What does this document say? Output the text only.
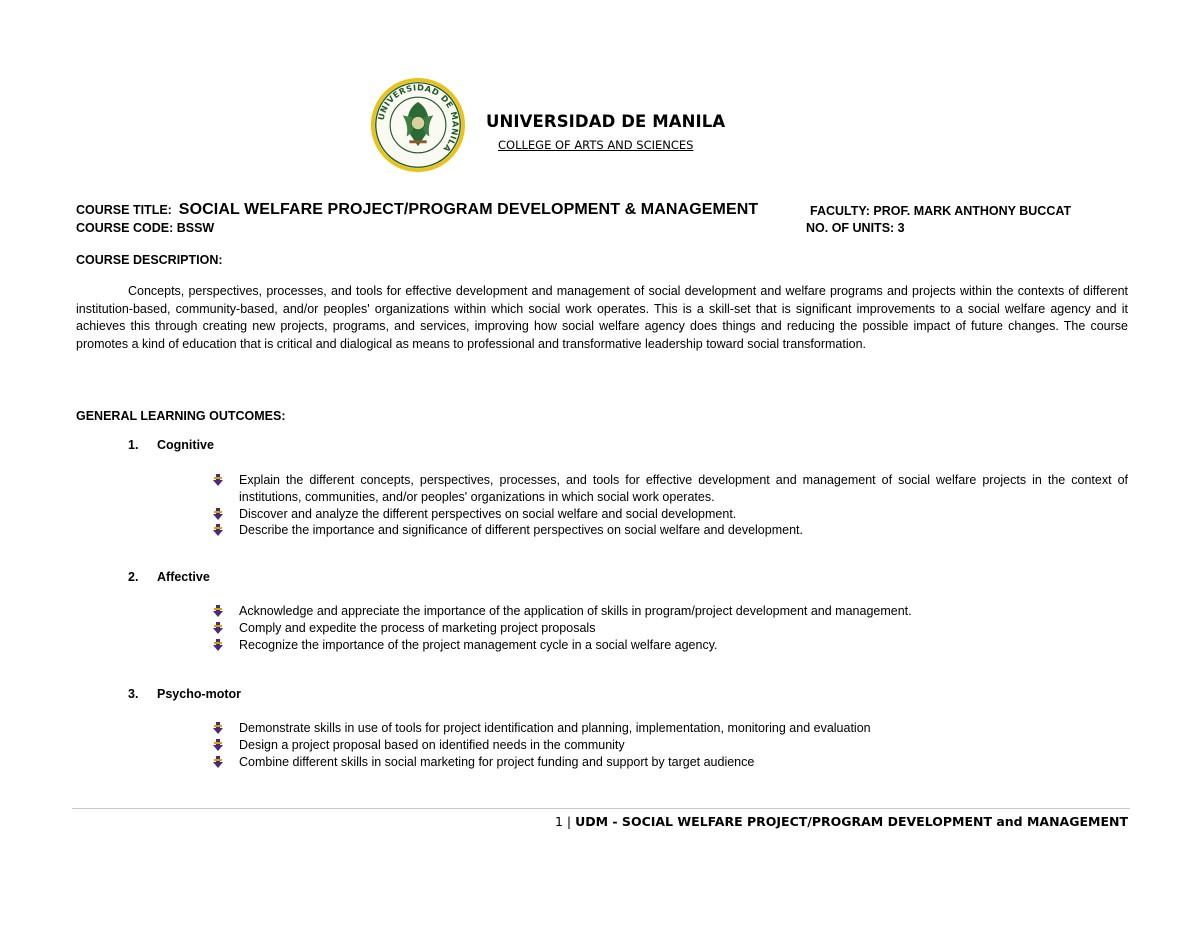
UNIVERSIDAD DE MANILA
UNIVERSIDAD DE MANILA
COLLEGE OF ARTS AND SCIENCES
COURSE TITLE: SOCIAL WELFARE PROJECT/PROGRAM DEVELOPMENT & MANAGEMENT	FACULTY: PROF. MARK ANTHONY BUCCAT
COURSE CODE: BSSW	NO. OF UNITS: 3
COURSE DESCRIPTION:

Concepts, perspectives, processes, and tools for effective development and management of social development and welfare programs and projects within the contexts of different institution-based, community-based, and/or peoples' organizations within which social work operates. This is a skill-set that is significant improvements to a social welfare agency and it achieves this through creating new projects, programs, and services, improving how social welfare agency does things and reducing the possible impact of future changes. The course promotes a kind of education that is critical and dialogical as means to professional and transformative leadership toward social transformation.

GENERAL LEARNING OUTCOMES:
1. Cognitive
Explain the different concepts, perspectives, processes, and tools for effective development and management of social welfare projects in the context of institutions, communities, and/or peoples' organizations in which social work operates.
Discover and analyze the different perspectives on social welfare and social development.
Describe the importance and significance of different perspectives on social welfare and development.
2. Affective
Acknowledge and appreciate the importance of the application of skills in program/project development and management.
Comply and expedite the process of marketing project proposals
Recognize the importance of the project management cycle in a social welfare agency.
3. Psycho-motor
Demonstrate skills in use of tools for project identification and planning, implementation, monitoring and evaluation
Design a project proposal based on identified needs in the community
Combine different skills in social marketing for project funding and support by target audience
1 | UDM - SOCIAL WELFARE PROJECT/PROGRAM DEVELOPMENT and MANAGEMENT
